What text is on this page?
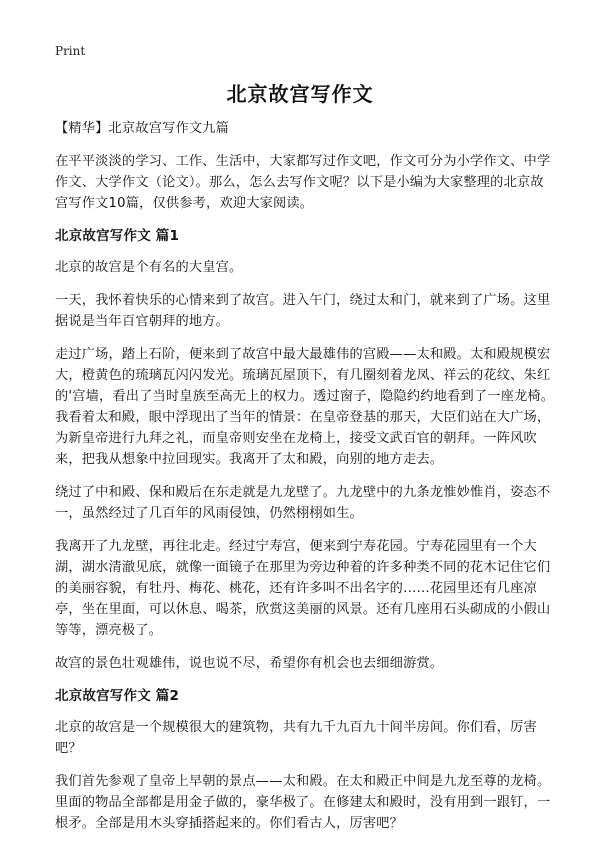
Print
北京故宫写作文

【精华】北京故宫写作文九篇

在平平淡淡的学习、工作、生活中，大家都写过作文吧，作文可分为小学作文、中学作文、大学作文（论文）。那么，怎么去写作文呢？以下是小编为大家整理的北京故宫写作文10篇，仅供参考，欢迎大家阅读。

北京故宫写作文 篇1

北京的故宫是个有名的大皇宫。

一天，我怀着快乐的心情来到了故宫。进入午门，绕过太和门，就来到了广场。这里据说是当年百官朝拜的地方。

走过广场，踏上石阶，便来到了故宫中最大最雄伟的宫殿——太和殿。太和殿规模宏大，橙黄色的琉璃瓦闪闪发光。琉璃瓦屋顶下，有几圈刻着龙凤、祥云的花纹、朱红的'宫墙，看出了当时皇族至高无上的权力。透过窗子，隐隐约约地看到了一座龙椅。我看着太和殿，眼中浮现出了当年的情景：在皇帝登基的那天，大臣们站在大广场，为新皇帝进行九拜之礼，而皇帝则安坐在龙椅上，接受文武百官的朝拜。一阵风吹来，把我从想象中拉回现实。我离开了太和殿，向别的地方走去。

绕过了中和殿、保和殿后在东走就是九龙壁了。九龙壁中的九条龙惟妙惟肖，姿态不一，虽然经过了几百年的风雨侵蚀，仍然栩栩如生。

我离开了九龙壁，再往北走。经过宁寿宫，便来到宁寿花园。宁寿花园里有一个大湖，湖水清澈见底，就像一面镜子在那里为旁边种着的许多种类不同的花木记住它们的美丽容貌，有牡丹、梅花、桃花，还有许多叫不出名字的……花园里还有几座凉亭，坐在里面，可以休息、喝茶，欣赏这美丽的风景。还有几座用石头砌成的小假山等等，漂亮极了。

故宫的景色壮观雄伟，说也说不尽，希望你有机会也去细细游赏。

北京故宫写作文 篇2

北京的故宫是一个规模很大的建筑物，共有九千九百九十间半房间。你们看，厉害吧？

我们首先参观了皇帝上早朝的景点——太和殿。在太和殿正中间是九龙至尊的龙椅。里面的物品全部都是用金子做的，豪华极了。在修建太和殿时，没有用到一跟钉，一根矛。全部是用木头穿插搭起来的。你们看古人，厉害吧？
